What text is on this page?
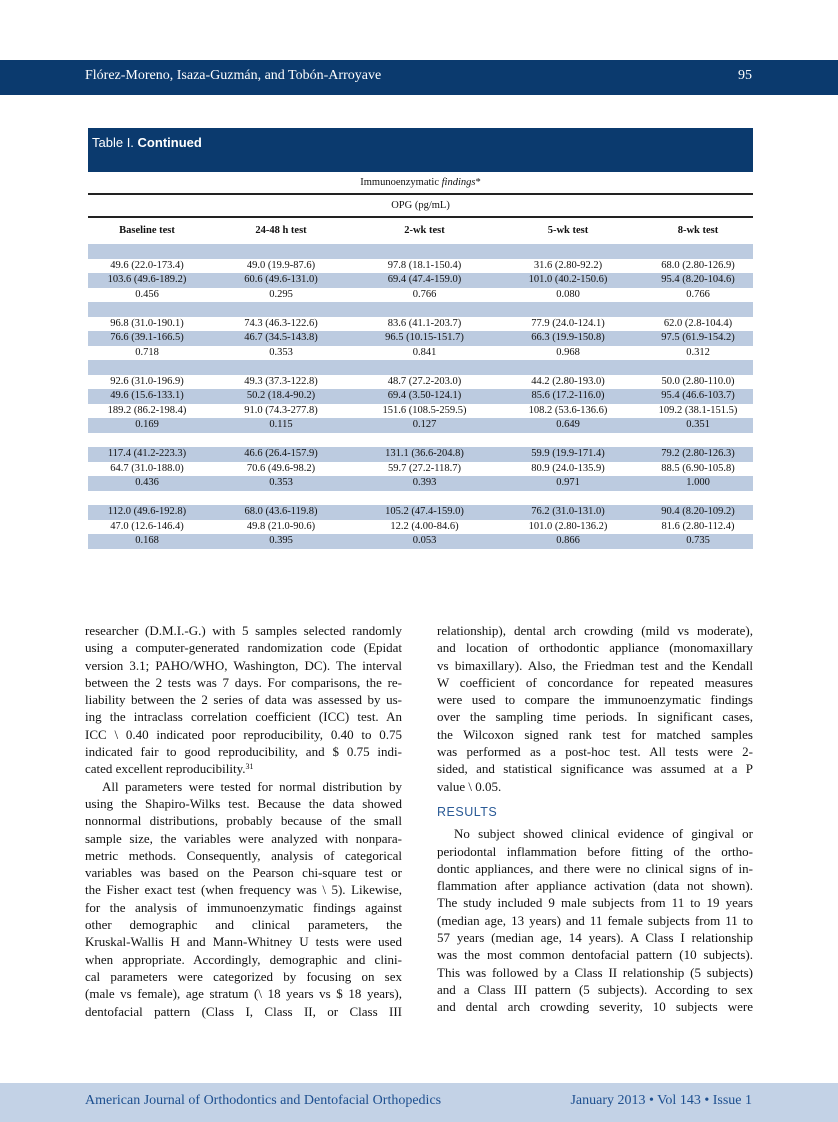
Flórez-Moreno, Isaza-Guzmán, and Tobón-Arroyave	95
Table I. Continued
Immunoenzymatic findings*
OPG (pg/mL)
Baseline test	24-48 h test	2-wk test	5-wk test	8-wk test
49.6 (22.0-173.4)	49.0 (19.9-87.6)	97.8 (18.1-150.4)	31.6 (2.80-92.2)	68.0 (2.80-126.9)
103.6 (49.6-189.2)	60.6 (49.6-131.0)	69.4 (47.4-159.0)	101.0 (40.2-150.6)	95.4 (8.20-104.6)
0.456	0.295	0.766	0.080	0.766
96.8 (31.0-190.1)	74.3 (46.3-122.6)	83.6 (41.1-203.7)	77.9 (24.0-124.1)	62.0 (2.8-104.4)
76.6 (39.1-166.5)	46.7 (34.5-143.8)	96.5 (10.15-151.7)	66.3 (19.9-150.8)	97.5 (61.9-154.2)
0.718	0.353	0.841	0.968	0.312
92.6 (31.0-196.9)	49.3 (37.3-122.8)	48.7 (27.2-203.0)	44.2 (2.80-193.0)	50.0 (2.80-110.0)
49.6 (15.6-133.1)	50.2 (18.4-90.2)	69.4 (3.50-124.1)	85.6 (17.2-116.0)	95.4 (46.6-103.7)
189.2 (86.2-198.4)	91.0 (74.3-277.8)	151.6 (108.5-259.5)	108.2 (53.6-136.6)	109.2 (38.1-151.5)
0.169	0.115	0.127	0.649	0.351
117.4 (41.2-223.3)	46.6 (26.4-157.9)	131.1 (36.6-204.8)	59.9 (19.9-171.4)	79.2 (2.80-126.3)
64.7 (31.0-188.0)	70.6 (49.6-98.2)	59.7 (27.2-118.7)	80.9 (24.0-135.9)	88.5 (6.90-105.8)
0.436	0.353	0.393	0.971	1.000
112.0 (49.6-192.8)	68.0 (43.6-119.8)	105.2 (47.4-159.0)	76.2 (31.0-131.0)	90.4 (8.20-109.2)
47.0 (12.6-146.4)	49.8 (21.0-90.6)	12.2 (4.00-84.6)	101.0 (2.80-136.2)	81.6 (2.80-112.4)
0.168	0.395	0.053	0.866	0.735
researcher (D.M.I.-G.) with 5 samples selected randomly
using a computer-generated randomization code (Epidat
version 3.1; PAHO/WHO, Washington, DC). The interval
between the 2 tests was 7 days. For comparisons, the re-
liability between the 2 series of data was assessed by us-
ing the intraclass correlation coefficient (ICC) test. An
ICC \ 0.40 indicated poor reproducibility, 0.40 to 0.75
indicated fair to good reproducibility, and $ 0.75 indi-
cated excellent reproducibility.$^{31}$
All parameters were tested for normal distribution by
using the Shapiro-Wilks test. Because the data showed
nonnormal distributions, probably because of the small
sample size, the variables were analyzed with nonpara-
metric methods. Consequently, analysis of categorical
variables was based on the Pearson chi-square test or
the Fisher exact test (when frequency was \ 5). Likewise,
for the analysis of immunoenzymatic findings against
other demographic and clinical parameters, the
Kruskal-Wallis H and Mann-Whitney U tests were used
when appropriate. Accordingly, demographic and clini-
cal parameters were categorized by focusing on sex
(male vs female), age stratum (\ 18 years vs $ 18 years),
dentofacial pattern (Class I, Class II, or Class III
relationship), dental arch crowding (mild vs moderate),
and location of orthodontic appliance (monomaxillary
vs bimaxillary). Also, the Friedman test and the Kendall
W coefficient of concordance for repeated measures
were used to compare the immunoenzymatic findings
over the sampling time periods. In significant cases,
the Wilcoxon signed rank test for matched samples
was performed as a post-hoc test. All tests were 2-
sided, and statistical significance was assumed at a P
value \ 0.05.
RESULTS
No subject showed clinical evidence of gingival or
periodontal inflammation before fitting of the ortho-
dontic appliances, and there were no clinical signs of in-
flammation after appliance activation (data not shown).
The study included 9 male subjects from 11 to 19 years
(median age, 13 years) and 11 female subjects from 11 to
57 years (median age, 14 years). A Class I relationship
was the most common dentofacial pattern (10 subjects).
This was followed by a Class II relationship (5 subjects)
and a Class III pattern (5 subjects). According to sex
and dental arch crowding severity, 10 subjects were
American Journal of Orthodontics and Dentofacial Orthopedics	January 2013 • Vol 143 • Issue 1
